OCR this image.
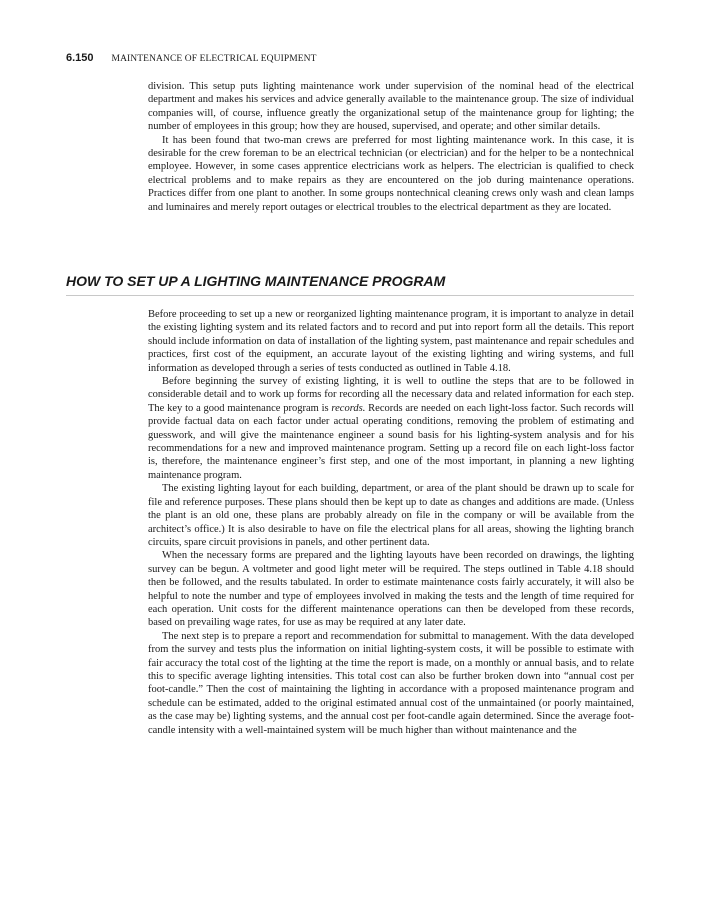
6.150 MAINTENANCE OF ELECTRICAL EQUIPMENT

division. This setup puts lighting maintenance work under supervision of the nominal head of the electrical department and makes his services and advice generally available to the maintenance group. The size of individual companies will, of course, influence greatly the organizational setup of the maintenance group for lighting; the number of employees in this group; how they are housed, supervised, and operate; and other similar details.

It has been found that two-man crews are preferred for most lighting maintenance work. In this case, it is desirable for the crew foreman to be an electrical technician (or electrician) and for the helper to be a nontechnical employee. However, in some cases apprentice electricians work as helpers. The electrician is qualified to check electrical problems and to make repairs as they are encountered on the job during maintenance operations. Practices differ from one plant to another. In some groups nontechnical cleaning crews only wash and clean lamps and luminaires and merely report outages or electrical troubles to the electrical department as they are located.

HOW TO SET UP A LIGHTING MAINTENANCE PROGRAM

Before proceeding to set up a new or reorganized lighting maintenance program, it is important to analyze in detail the existing lighting system and its related factors and to record and put into report form all the details. This report should include information on data of installation of the lighting system, past maintenance and repair schedules and practices, first cost of the equipment, an accurate layout of the existing lighting and wiring systems, and full information as developed through a series of tests conducted as outlined in Table 4.18.

Before beginning the survey of existing lighting, it is well to outline the steps that are to be followed in considerable detail and to work up forms for recording all the necessary data and related information for each step. The key to a good maintenance program is records. Records are needed on each light-loss factor. Such records will provide factual data on each factor under actual operating conditions, removing the problem of estimating and guesswork, and will give the maintenance engineer a sound basis for his lighting-system analysis and for his recommendations for a new and improved maintenance program. Setting up a record file on each light-loss factor is, therefore, the maintenance engineer’s first step, and one of the most important, in planning a new lighting maintenance program.

The existing lighting layout for each building, department, or area of the plant should be drawn up to scale for file and reference purposes. These plans should then be kept up to date as changes and additions are made. (Unless the plant is an old one, these plans are probably already on file in the company or will be available from the architect’s office.) It is also desirable to have on file the electrical plans for all areas, showing the lighting branch circuits, spare circuit provisions in panels, and other pertinent data.

When the necessary forms are prepared and the lighting layouts have been recorded on drawings, the lighting survey can be begun. A voltmeter and good light meter will be required. The steps outlined in Table 4.18 should then be followed, and the results tabulated. In order to estimate maintenance costs fairly accurately, it will also be helpful to note the number and type of employees involved in making the tests and the length of time required for each operation. Unit costs for the different maintenance operations can then be developed from these records, based on prevailing wage rates, for use as may be required at any later date.

The next step is to prepare a report and recommendation for submittal to management. With the data developed from the survey and tests plus the information on initial lighting-system costs, it will be possible to estimate with fair accuracy the total cost of the lighting at the time the report is made, on a monthly or annual basis, and to relate this to specific average lighting intensities. This total cost can also be further broken down into “annual cost per foot-candle.” Then the cost of maintaining the lighting in accordance with a proposed maintenance program and schedule can be estimated, added to the original estimated annual cost of the unmaintained (or poorly maintained, as the case may be) lighting systems, and the annual cost per foot-candle again determined. Since the average foot-candle intensity with a well-maintained system will be much higher than without maintenance and the
